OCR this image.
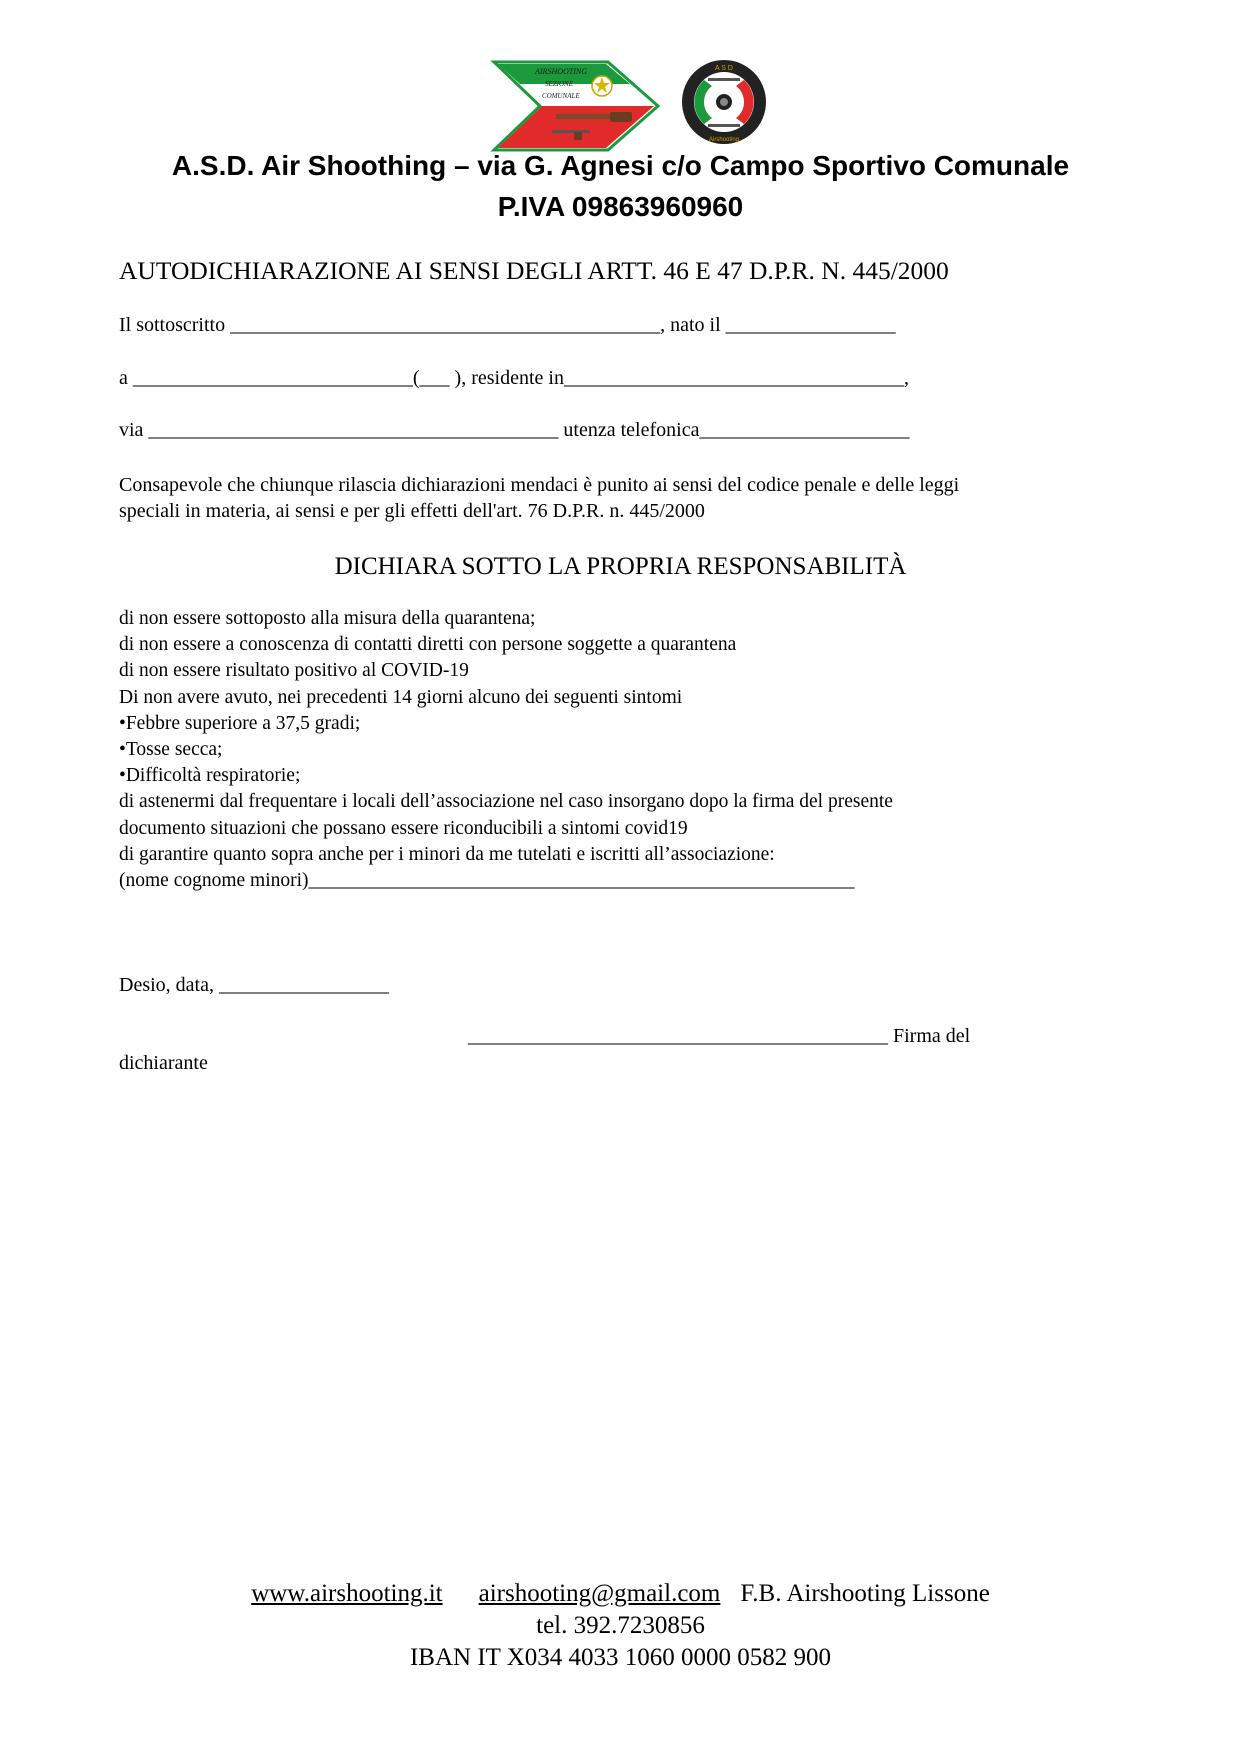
AIRSHOOTING
SEZIONE
COMUNALE
A S D
Airshooting
A.S.D. Air Shoothing – via G. Agnesi c/o Campo Sportivo Comunale
P.IVA 09863960960
AUTODICHIARAZIONE AI SENSI DEGLI ARTT. 46 E 47 D.P.R. N. 445/2000
Il sottoscritto ___________________________________________, nato il _________________
a ____________________________(___ ), residente in__________________________________,
via _________________________________________ utenza telefonica_____________________
Consapevole che chiunque rilascia dichiarazioni mendaci è punito ai sensi del codice penale e delle leggi
speciali in materia, ai sensi e per gli effetti dell'art. 76 D.P.R. n. 445/2000
DICHIARA SOTTO LA PROPRIA RESPONSABILITÀ
di non essere sottoposto alla misura della quarantena;
di non essere a conoscenza di contatti diretti con persone soggette a quarantena
di non essere risultato positivo al COVID-19
Di non avere avuto, nei precedenti 14 giorni alcuno dei seguenti sintomi
•Febbre superiore a 37,5 gradi;
•Tosse secca;
•Difficoltà respiratorie;
di astenermi dal frequentare i locali dell’associazione nel caso insorgano dopo la firma del presente
documento situazioni che possano essere riconducibili a sintomi covid19
di garantire quanto sopra anche per i minori da me tutelati e iscritti all’associazione:
(nome cognome minori)________________________________________________________
Desio, data, _________________
__________________________________________ Firma del
dichiarante
www.airshooting.it airshooting@gmail.com F.B. Airshooting Lissone
tel. 392.7230856
IBAN IT X034 4033 1060 0000 0582 900
